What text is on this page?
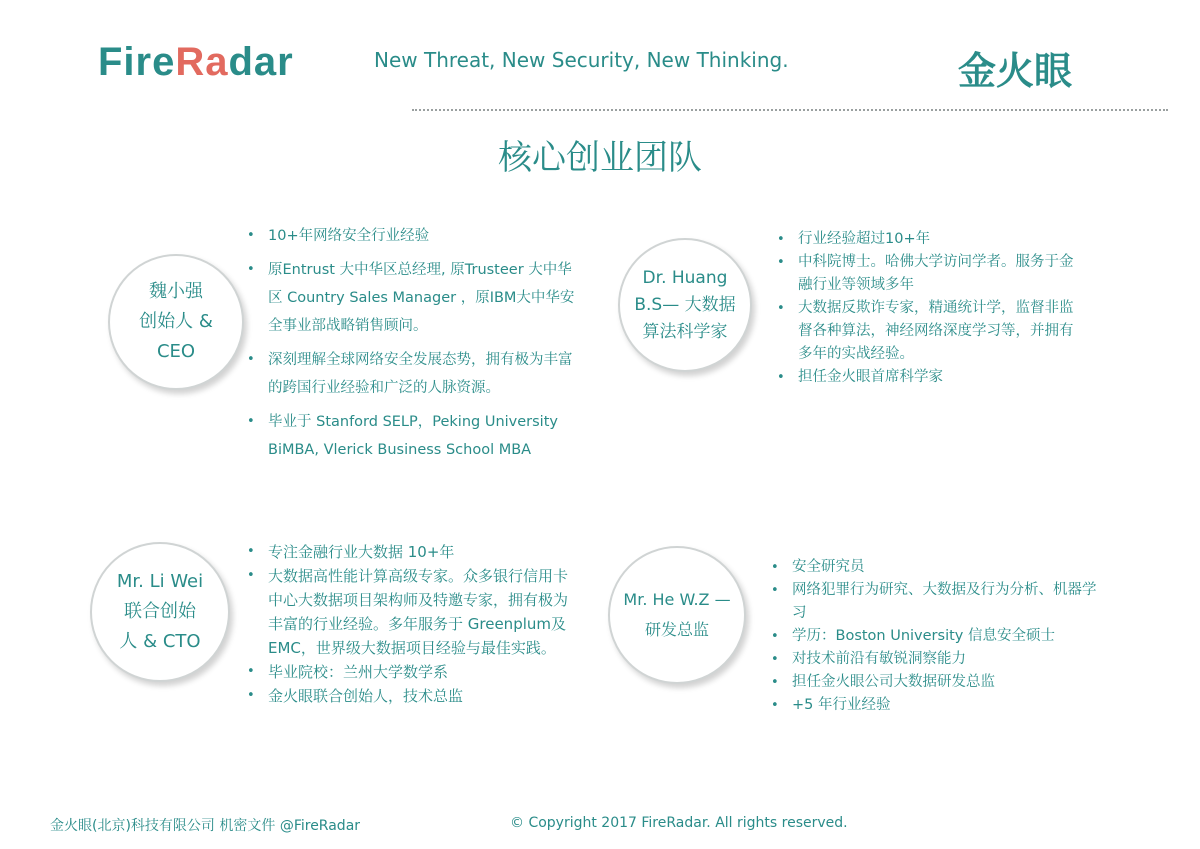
FireRadar	New Threat, New Security, New Thinking.	金火眼
核心创业团队
魏小强
创始人 &
CEO
• 10+年网络安全行业经验
• 原Entrust 大中华区总经理, 原Trusteer 大中华区 Country Sales Manager ，原IBM大中华安全事业部战略销售顾问。
• 深刻理解全球网络安全发展态势，拥有极为丰富的跨国行业经验和广泛的人脉资源。
• 毕业于 Stanford SELP，Peking University BiMBA, Vlerick Business School MBA
Dr. Huang
B.S— 大数据
算法科学家
• 行业经验超过10+年
• 中科院博士。哈佛大学访问学者。服务于金融行业等领域多年
• 大数据反欺诈专家，精通统计学，监督非监督各种算法，神经网络深度学习等，并拥有多年的实战经验。
• 担任金火眼首席科学家
Mr. Li Wei
联合创始
人 & CTO
• 专注金融行业大数据 10+年
• 大数据高性能计算高级专家。众多银行信用卡中心大数据项目架构师及特邀专家，拥有极为丰富的行业经验。多年服务于 Greenplum及 EMC，世界级大数据项目经验与最佳实践。
• 毕业院校：兰州大学数学系
• 金火眼联合创始人，技术总监
Mr. He W.Z —
研发总监
• 安全研究员
• 网络犯罪行为研究、大数据及行为分析、机器学习
• 学历：Boston University 信息安全硕士
• 对技术前沿有敏锐洞察能力
• 担任金火眼公司大数据研发总监
• +5 年行业经验
金火眼(北京)科技有限公司 机密文件 @FireRadar	© Copyright 2017 FireRadar. All rights reserved.
